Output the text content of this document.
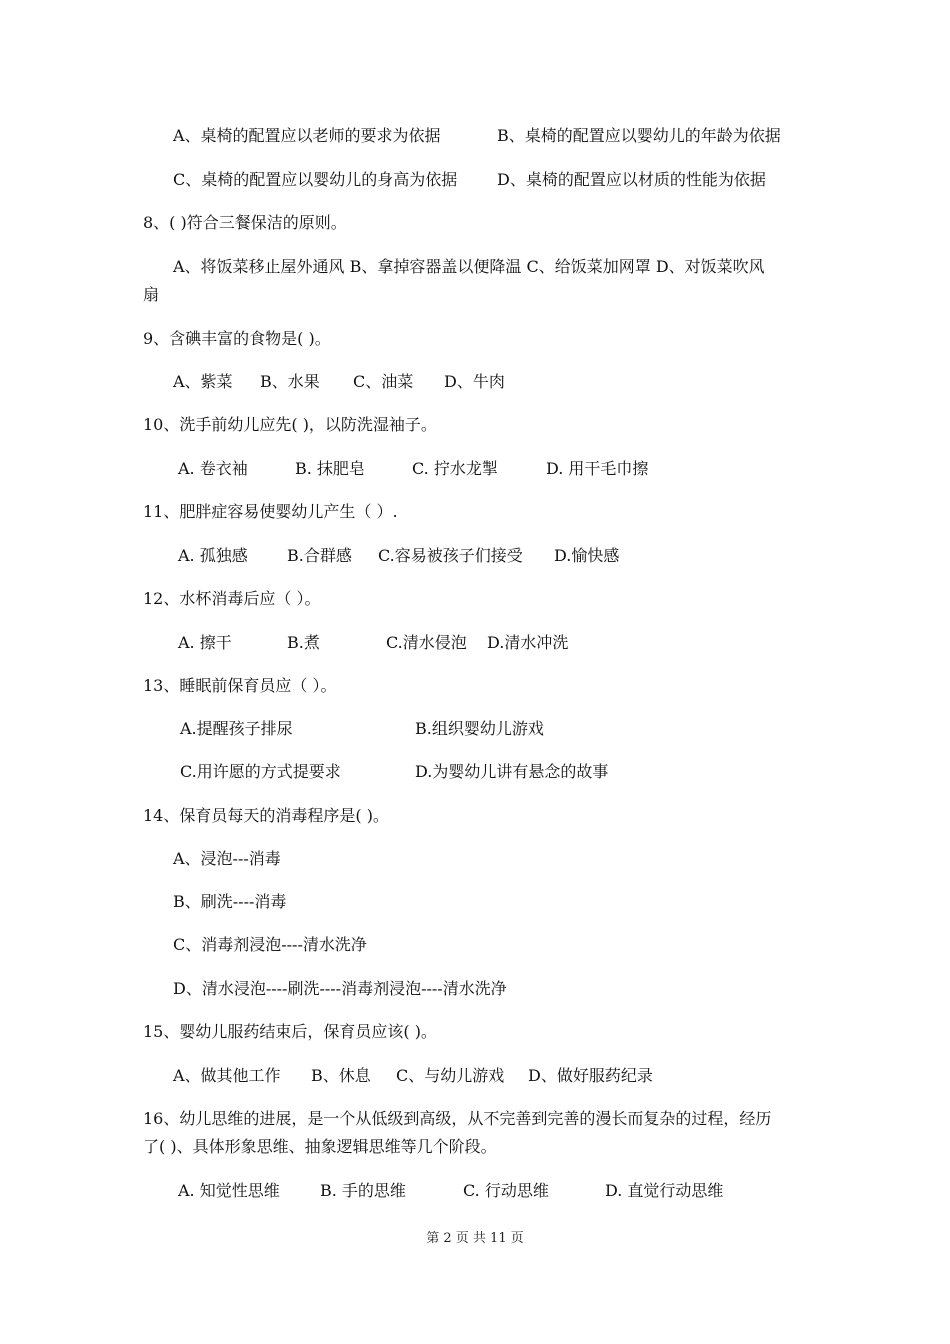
A、桌椅的配置应以老师的要求为依据	B、桌椅的配置应以婴幼儿的年龄为依据
C、桌椅的配置应以婴幼儿的身高为依据 D、桌椅的配置应以材质的性能为依据
8、( )符合三餐保洁的原则。
A、将饭菜移止屋外通风 B、拿掉容器盖以便降温 C、给饭菜加网罩 D、对饭菜吹风
扇
9、含碘丰富的食物是( )。
A、紫菜 B、水果 C、油菜 D、牛肉
10、洗手前幼儿应先( )，以防洗湿袖子。
A. 卷衣袖	B. 抹肥皂	C. 拧水龙掣	D. 用干毛巾擦
11、肥胖症容易使婴幼儿产生（ ）.
A. 孤独感 B.合群感 C.容易被孩子们接受 D.愉快感
12、水杯消毒后应（ ）。
A. 擦干	B.煮	C.清水侵泡 D.清水冲洗
13、睡眠前保育员应（ ）。
A.提醒孩子排尿	B.组织婴幼儿游戏
C.用许愿的方式提要求	D.为婴幼儿讲有悬念的故事
14、保育员每天的消毒程序是( )。
A、浸泡---消毒
B、刷洗----消毒
C、消毒剂浸泡----清水洗净
D、清水浸泡----刷洗----消毒剂浸泡----清水洗净
15、婴幼儿服药结束后，保育员应该( )。
A、做其他工作 B、休息 C、与幼儿游戏 D、做好服药纪录
16、幼儿思维的进展，是一个从低级到高级，从不完善到完善的漫长而复杂的过程，经历
了( )、具体形象思维、抽象逻辑思维等几个阶段。
A. 知觉性思维	B. 手的思维	C. 行动思维	D. 直觉行动思维
第 2 页 共 11 页
